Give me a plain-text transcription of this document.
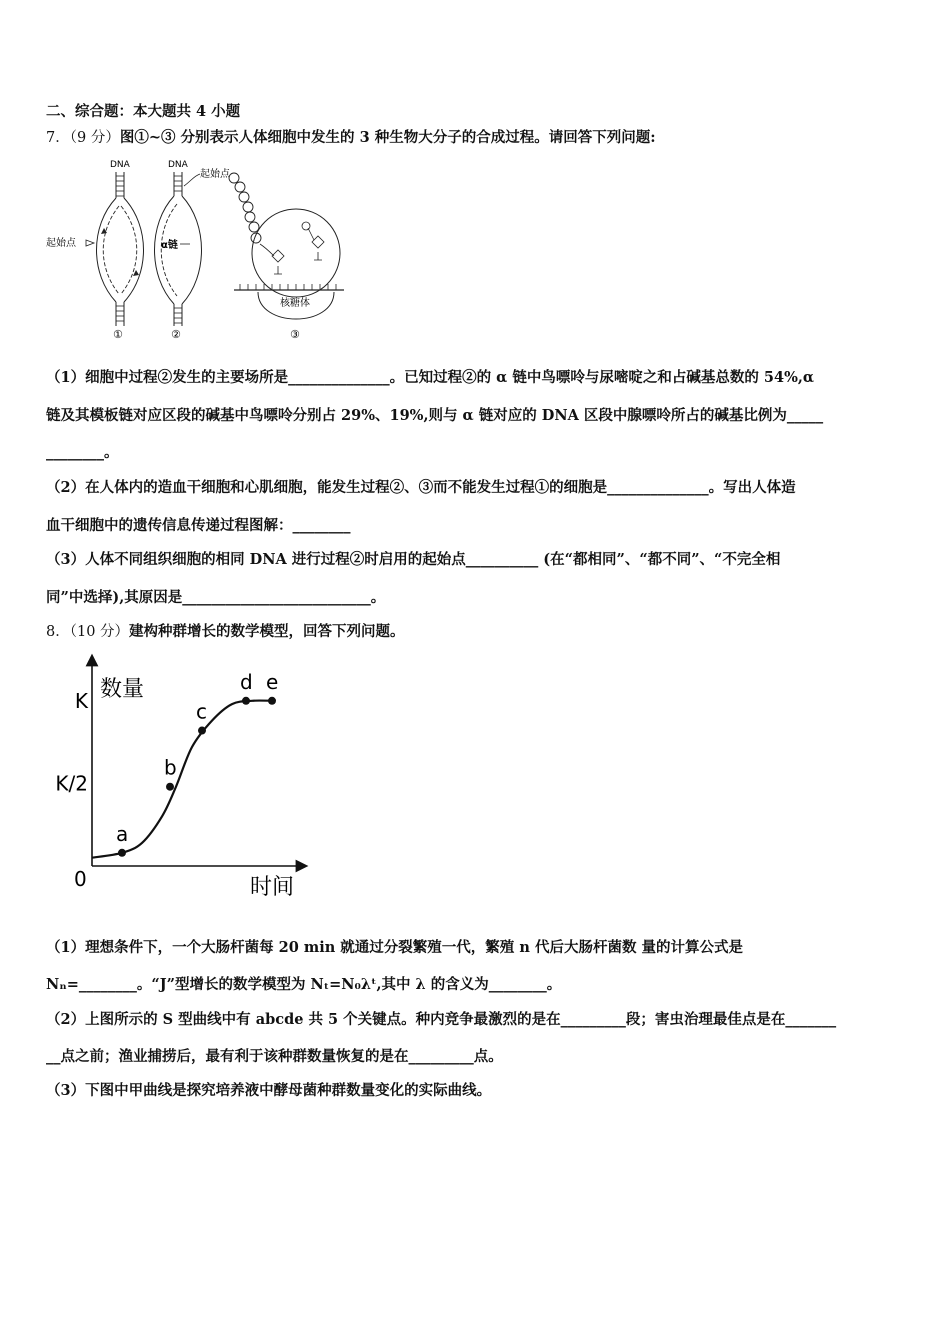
二、综合题：本大题共 4 小题
7．（9 分）图①~③ 分别表示人体细胞中发生的 3 种生物大分子的合成过程。请回答下列问题:
DNA
起始点
①
DNA
α链
起始点
②
核糖体
③
（1）细胞中过程②发生的主要场所是______________。已知过程②的 α 链中鸟嘌呤与尿嘧啶之和占碱基总数的 54%,α
链及其模板链对应区段的碱基中鸟嘌呤分别占 29%、19%,则与 α 链对应的 DNA 区段中腺嘌呤所占的碱基比例为_____
________。
（2）在人体内的造血干细胞和心肌细胞，能发生过程②、③而不能发生过程①的细胞是______________。写出人体造
血干细胞中的遗传信息传递过程图解：________
（3）人体不同组织细胞的相同 DNA 进行过程②时启用的起始点__________ (在“都相同”、“都不同”、“不完全相
同”中选择),其原因是__________________________。
8．（10 分）建构种群增长的数学模型，回答下列问题。
数量
时间
0
K/2
K
a
b
c
d e
（1）理想条件下，一个大肠杆菌每 20 min 就通过分裂繁殖一代，繁殖 n 代后大肠杆菌数 量的计算公式是
Nₙ=________。“J”型增长的数学模型为 Nₜ=N₀λᵗ,其中 λ 的含义为________。
（2）上图所示的 S 型曲线中有 abcde 共 5 个关键点。种内竞争最激烈的是在_________段；害虫治理最佳点是在_______
__点之前；渔业捕捞后，最有利于该种群数量恢复的是在_________点。
（3）下图中甲曲线是探究培养液中酵母菌种群数量变化的实际曲线。
